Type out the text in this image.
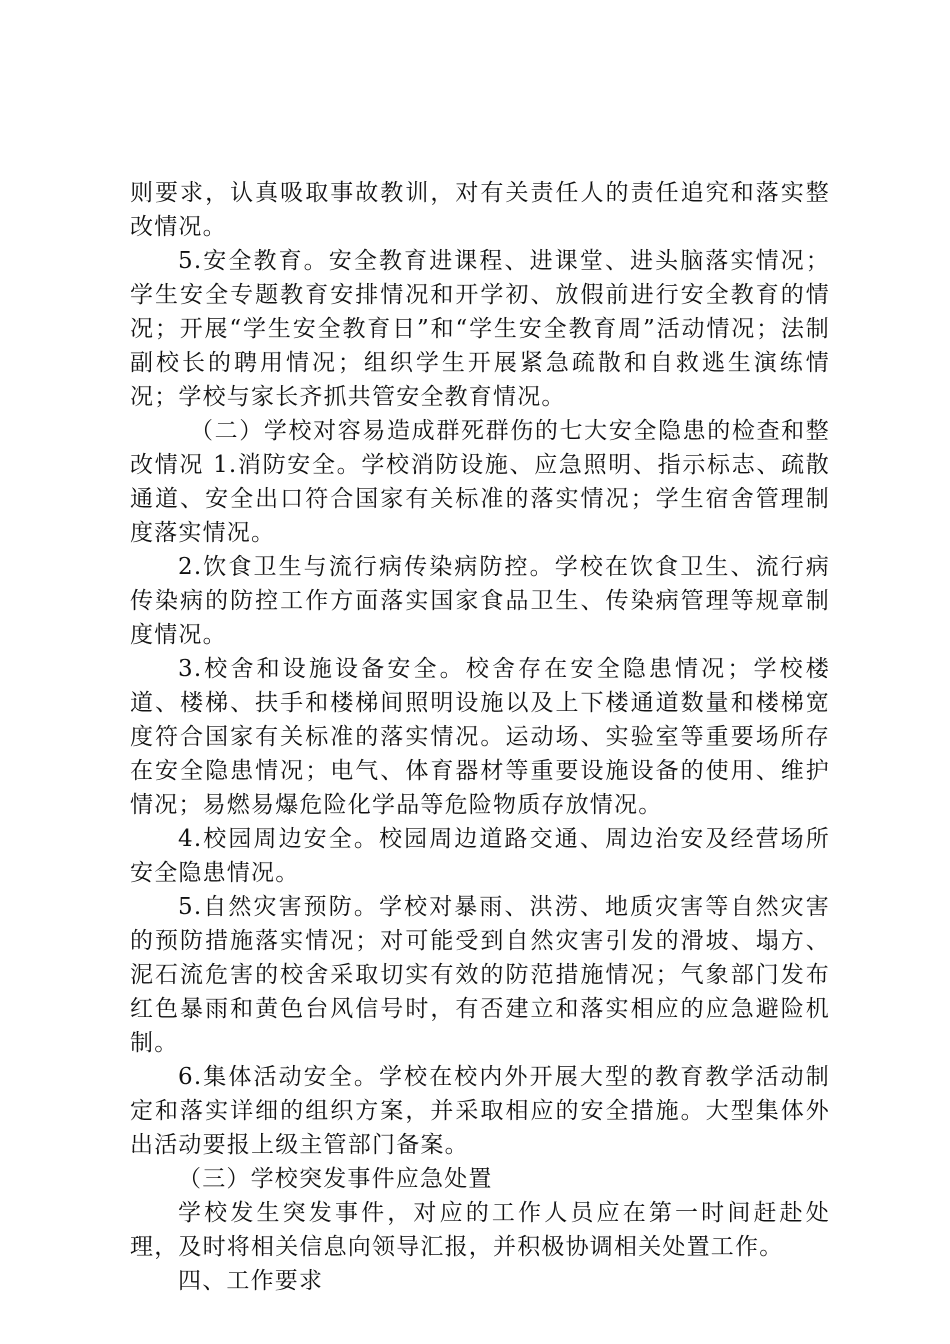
则要求，认真吸取事故教训，对有关责任人的责任追究和落实整改情况。

5.安全教育。安全教育进课程、进课堂、进头脑落实情况；学生安全专题教育安排情况和开学初、放假前进行安全教育的情况；开展“学生安全教育日”和“学生安全教育周”活动情况；法制副校长的聘用情况；组织学生开展紧急疏散和自救逃生演练情况；学校与家长齐抓共管安全教育情况。

（二）学校对容易造成群死群伤的七大安全隐患的检查和整改情况 1.消防安全。学校消防设施、应急照明、指示标志、疏散通道、安全出口符合国家有关标准的落实情况；学生宿舍管理制度落实情况。

2.饮食卫生与流行病传染病防控。学校在饮食卫生、流行病传染病的防控工作方面落实国家食品卫生、传染病管理等规章制度情况。

3.校舍和设施设备安全。校舍存在安全隐患情况；学校楼道、楼梯、扶手和楼梯间照明设施以及上下楼通道数量和楼梯宽度符合国家有关标准的落实情况。运动场、实验室等重要场所存在安全隐患情况；电气、体育器材等重要设施设备的使用、维护情况；易燃易爆危险化学品等危险物质存放情况。

4.校园周边安全。校园周边道路交通、周边治安及经营场所安全隐患情况。

5.自然灾害预防。学校对暴雨、洪涝、地质灾害等自然灾害的预防措施落实情况；对可能受到自然灾害引发的滑坡、塌方、泥石流危害的校舍采取切实有效的防范措施情况；气象部门发布红色暴雨和黄色台风信号时，有否建立和落实相应的应急避险机制。

6.集体活动安全。学校在校内外开展大型的教育教学活动制定和落实详细的组织方案，并采取相应的安全措施。大型集体外出活动要报上级主管部门备案。

（三）学校突发事件应急处置

学校发生突发事件，对应的工作人员应在第一时间赶赴处理，及时将相关信息向领导汇报，并积极协调相关处置工作。

四、工作要求
